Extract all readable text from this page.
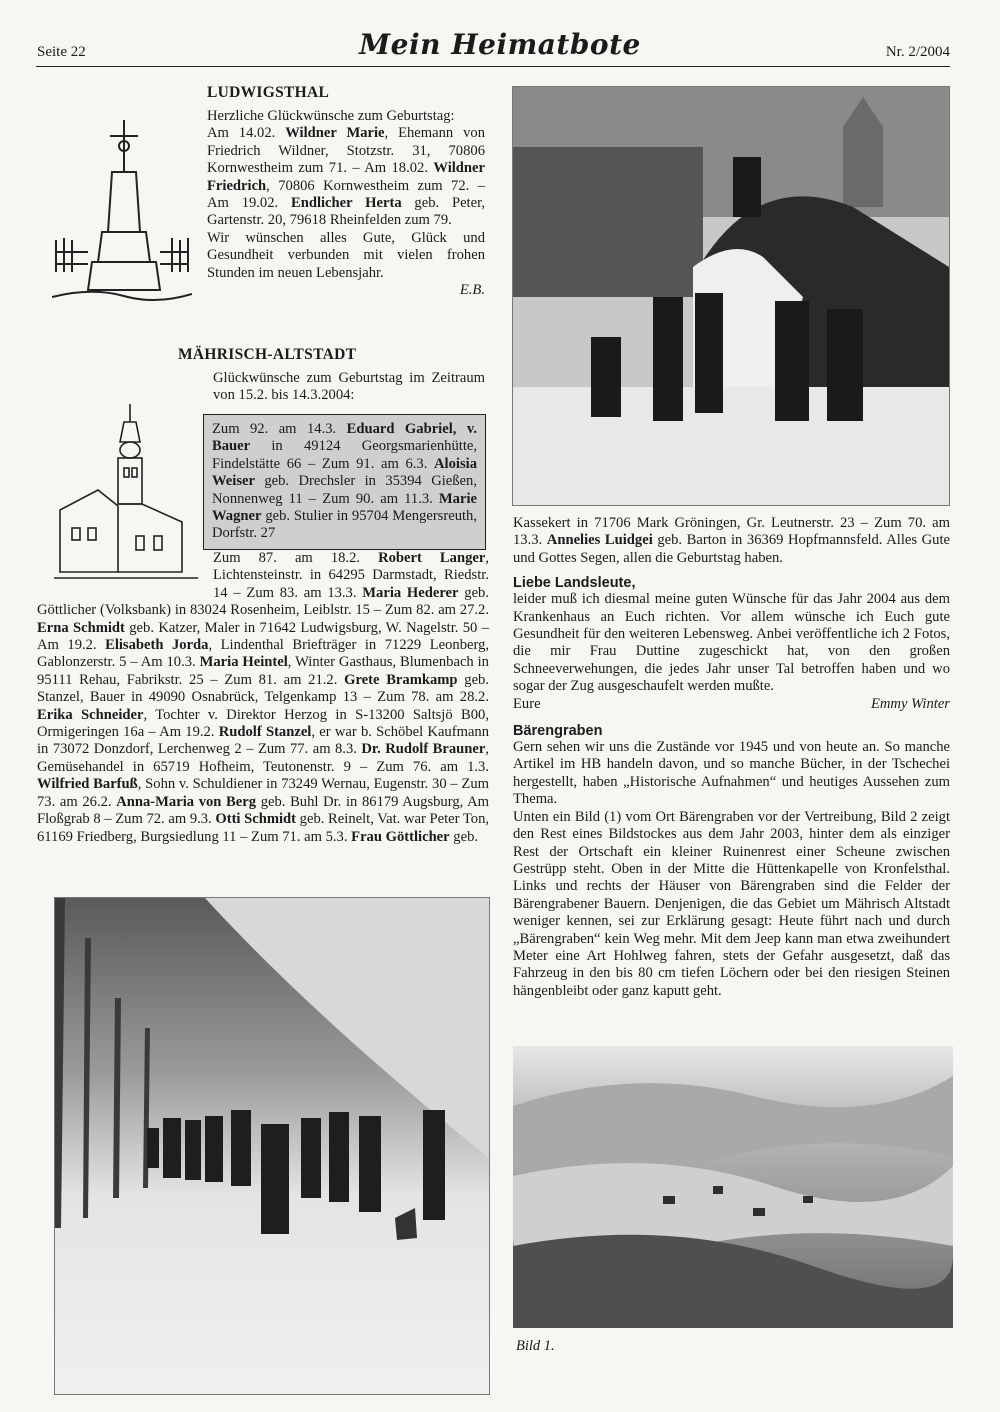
Seite 22	Mein Heimatbote	Nr. 2/2004
LUDWIGSTHAL
Herzliche Glückwünsche zum Geburtstag:
Am 14.02. Wildner Marie, Ehemann von Friedrich Wildner, Stotzstr. 31, 70806 Kornwestheim zum 71. – Am 18.02. Wildner Friedrich, 70806 Kornwestheim zum 72. – Am 19.02. Endlicher Herta geb. Peter, Gartenstr. 20, 79618 Rheinfelden zum 79.
Wir wünschen alles Gute, Glück und Gesundheit verbunden mit vielen frohen Stunden im neuen Lebensjahr.
E.B.
MÄHRISCH-ALTSTADT
Glückwünsche zum Geburtstag im Zeitraum von 15.2. bis 14.3.2004:
Zum 92. am 14.3. Eduard Gabriel, v. Bauer in 49124 Georgsmarienhütte, Findelstätte 66 – Zum 91. am 6.3. Aloisia Weiser geb. Drechsler in 35394 Gießen, Nonnenweg 11 – Zum 90. am 11.3. Marie Wagner geb. Stulier in 95704 Mengersreuth, Dorfstr. 27
Zum 87. am 18.2. Robert Langer, Lichtensteinstr. in 64295 Darmstadt, Riedstr. 14 – Zum 83. am 13.3. Maria Hederer geb. Göttlicher (Volksbank) in 83024 Rosenheim, Leiblstr. 15 – Zum 82. am 27.2. Erna Schmidt geb. Katzer, Maler in 71642 Ludwigsburg, W. Nagelstr. 50 – Am 19.2. Elisabeth Jorda, Lindenthal Briefträger in 71229 Leonberg, Gablonzerstr. 5 – Am 10.3. Maria Heintel, Winter Gasthaus, Blumenbach in 95111 Rehau, Fabrikstr. 25 – Zum 81. am 21.2. Grete Bramkamp geb. Stanzel, Bauer in 49090 Osnabrück, Telgenkamp 13 – Zum 78. am 28.2. Erika Schneider, Tochter v. Direktor Herzog in S-13200 Saltsjö B00, Ormigeringen 16a – Am 19.2. Rudolf Stanzel, er war b. Schöbel Kaufmann in 73072 Donzdorf, Lerchenweg 2 – Zum 77. am 8.3. Dr. Rudolf Brauner, Gemüsehandel in 65719 Hofheim, Teutonenstr. 9 – Zum 76. am 1.3. Wilfried Barfuß, Sohn v. Schuldiener in 73249 Wernau, Eugenstr. 30 – Zum 73. am 26.2. Anna-Maria von Berg geb. Buhl Dr. in 86179 Augsburg, Am Floßgrab 8 – Zum 72. am 9.3. Otti Schmidt geb. Reinelt, Vat. war Peter Ton, 61169 Friedberg, Burgsiedlung 11 – Zum 71. am 5.3. Frau Göttlicher geb.
Kassekert in 71706 Mark Gröningen, Gr. Leutnerstr. 23 – Zum 70. am 13.3. Annelies Luidgei geb. Barton in 36369 Hopfmannsfeld. Alles Gute und Gottes Segen, allen die Geburtstag haben.
Liebe Landsleute,
leider muß ich diesmal meine guten Wünsche für das Jahr 2004 aus dem Krankenhaus an Euch richten. Vor allem wünsche ich Euch gute Gesundheit für den weiteren Lebensweg. Anbei veröffentliche ich 2 Fotos, die mir Frau Duttine zugeschickt hat, von den großen Schneeverwehungen, die jedes Jahr unser Tal betroffen haben und wo sogar der Zug ausgeschaufelt werden mußte.
Eure	Emmy Winter
Bärengraben
Gern sehen wir uns die Zustände vor 1945 und von heute an. So manche Artikel im HB handeln davon, und so manche Bücher, in der Tschechei hergestellt, haben „Historische Aufnahmen“ und heutiges Aussehen zum Thema.
Unten ein Bild (1) vom Ort Bärengraben vor der Vertreibung, Bild 2 zeigt den Rest eines Bildstockes aus dem Jahr 2003, hinter dem als einziger Rest der Ortschaft ein kleiner Ruinenrest einer Scheune zwischen Gestrüpp steht. Oben in der Mitte die Hüttenkapelle von Kronfelsthal. Links und rechts der Häuser von Bärengraben sind die Felder der Bärengrabener Bauern. Denjenigen, die das Gebiet um Mährisch Altstadt weniger kennen, sei zur Erklärung gesagt: Heute führt nach und durch „Bärengraben“ kein Weg mehr. Mit dem Jeep kann man etwa zweihundert Meter eine Art Hohlweg fahren, stets der Gefahr ausgesetzt, daß das Fahrzeug in den bis 80 cm tiefen Löchern oder bei den riesigen Steinen hängenbleibt oder ganz kaputt geht.
Bild 1.
